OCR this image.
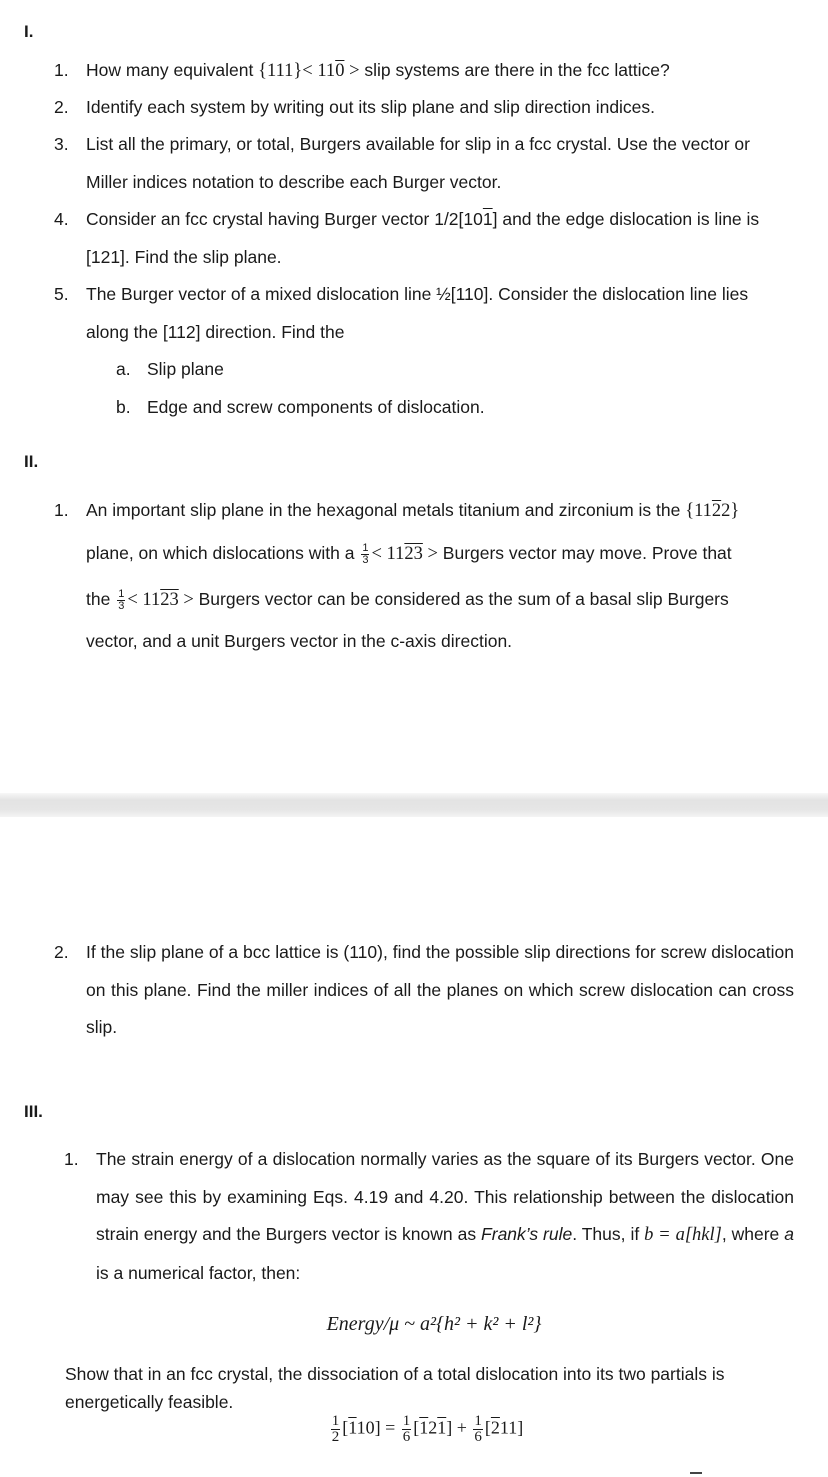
I.
1. How many equivalent {111}< 110 > slip systems are there in the fcc lattice?
2. Identify each system by writing out its slip plane and slip direction indices.
3. List all the primary, or total, Burgers available for slip in a fcc crystal. Use the vector or Miller indices notation to describe each Burger vector.
4. Consider an fcc crystal having Burger vector 1/2[101] and the edge dislocation is line is [121]. Find the slip plane.
5. The Burger vector of a mixed dislocation line ½[110]. Consider the dislocation line lies along the [112] direction. Find the
a. Slip plane
b. Edge and screw components of dislocation.
II.
1. An important slip plane in the hexagonal metals titanium and zirconium is the {1122}
plane, on which dislocations with a $\frac{1}{3} < 1123$ > Burgers vector may move. Prove that
the $\frac{1}{3} < 1123$ > Burgers vector can be considered as the sum of a basal slip Burgers
vector, and a unit Burgers vector in the c-axis direction.
2. If the slip plane of a bcc lattice is (110), find the possible slip directions for screw dislocation on this plane. Find the miller indices of all the planes on which screw dislocation can cross slip.
III.
1. The strain energy of a dislocation normally varies as the square of its Burgers vector. One may see this by examining Eqs. 4.19 and 4.20. This relationship between the dislocation strain energy and the Burgers vector is known as Frank’s rule. Thus, if b = a[hkl], where a is a numerical factor, then:
Energy/μ ~ a²{h² + k² + l²}
Show that in an fcc crystal, the dissociation of a total dislocation into its two partials is energetically feasible.
$\frac{1}{2} [110] = \frac{1}{6} [121] + \frac{1}{6} [211]$
